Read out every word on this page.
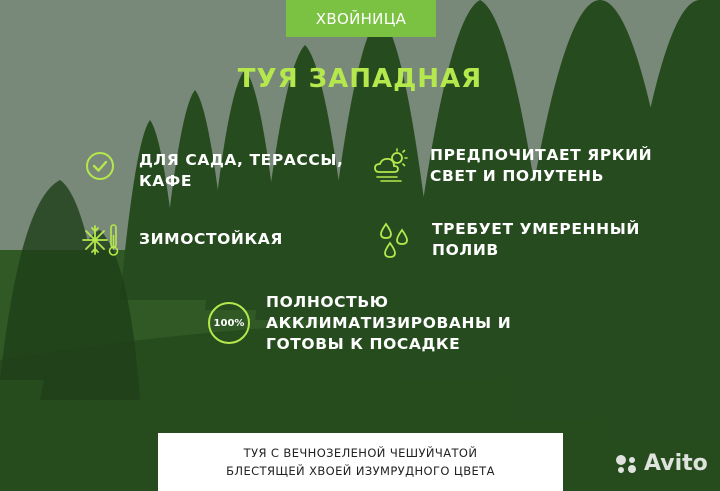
ХВОЙНИЦА
ТУЯ ЗАПАДНАЯ
ДЛЯ САДА, ТЕРАССЫ,
КАФЕ
ПРЕДПОЧИТАЕТ ЯРКИЙ
СВЕТ И ПОЛУТЕНЬ
ЗИМОСТОЙКАЯ
ТРЕБУЕТ УМЕРЕННЫЙ
ПОЛИВ
100%
ПОЛНОСТЬЮ
АККЛИМАТИЗИРОВАНЫ И
ГОТОВЫ К ПОСАДКЕ
ТУЯ С ВЕЧНОЗЕЛЕНОЙ ЧЕШУЙЧАТОЙ
БЛЕСТЯЩЕЙ ХВОЕЙ ИЗУМРУДНОГО ЦВЕТА	Avito
